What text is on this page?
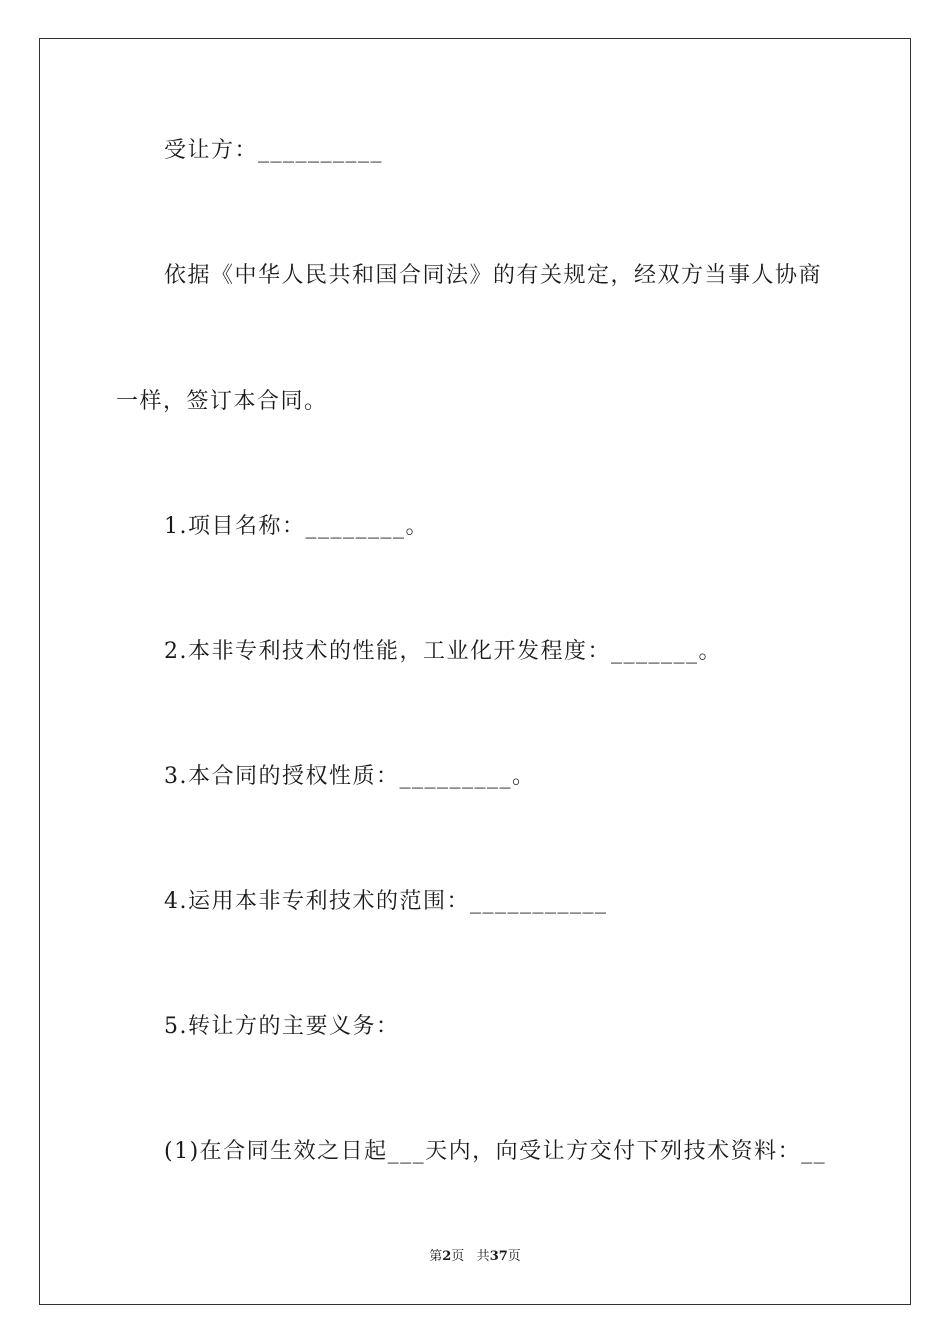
受让方：__________
依据《中华人民共和国合同法》的有关规定，经双方当事人协商
一样，签订本合同。
1.项目名称：________。
2.本非专利技术的性能，工业化开发程度：_______。
3.本合同的授权性质：_________。
4.运用本非专利技术的范围：___________
5.转让方的主要义务：
(1)在合同生效之日起___天内，向受让方交付下列技术资料：__
第2页 共37页
